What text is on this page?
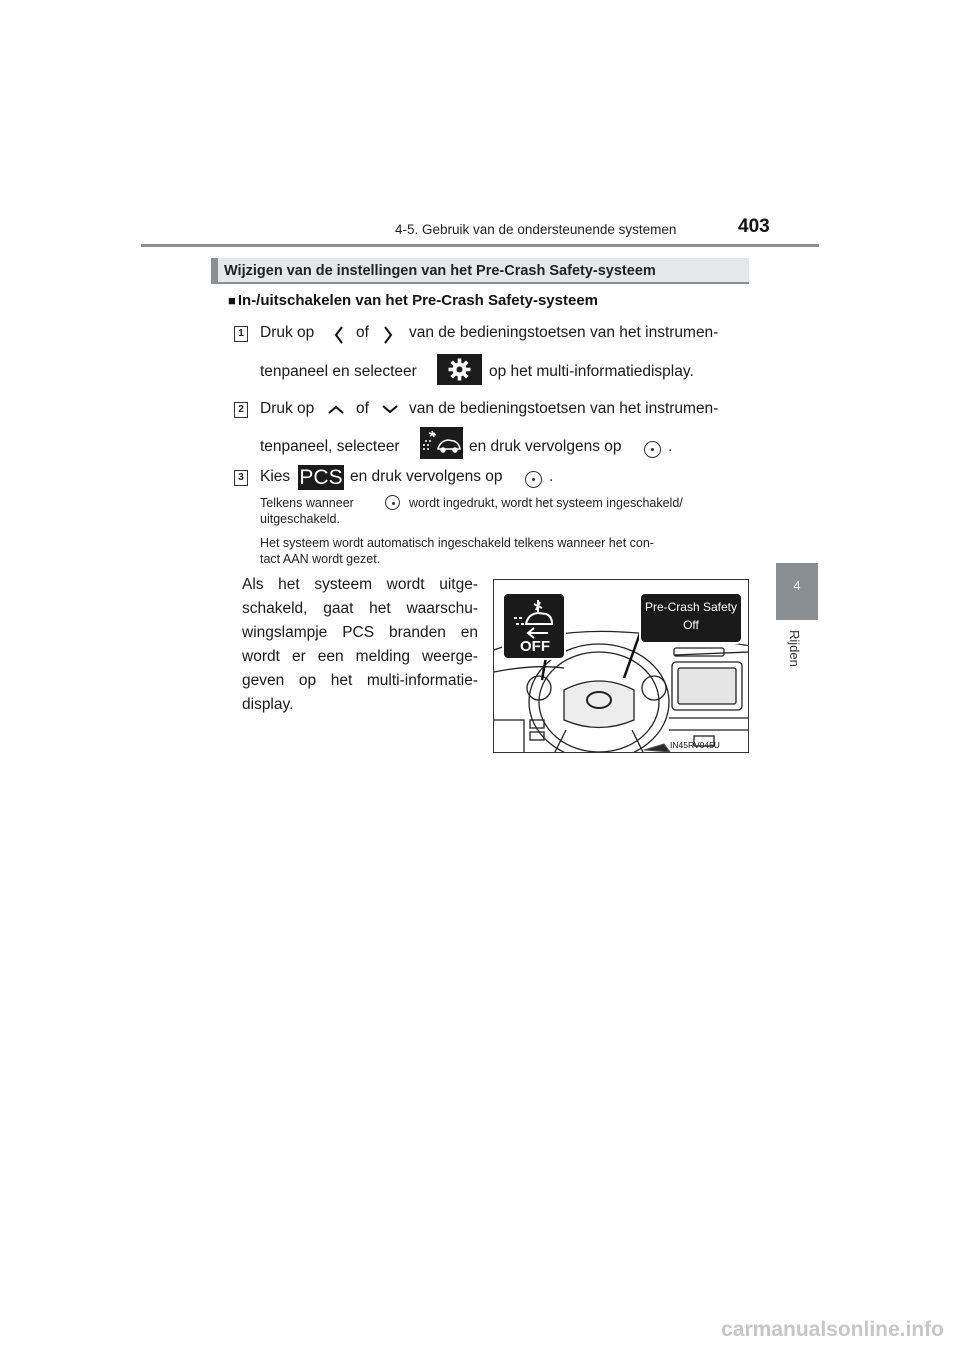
4-5. Gebruik van de ondersteunende systemen	403
4
Rijden
Wijzigen van de instellingen van het Pre-Crash Safety-systeem
■ In-/uitschakelen van het Pre-Crash Safety-systeem
1 Druk op	of	van de bedieningstoetsen van het instrumen-
tenpaneel en selecteer	op het multi-informatiedisplay.
2 Druk op	of	van de bedieningstoetsen van het instrumen-
tenpaneel, selecteer	en druk vervolgens op	.
3 Kies PCS en druk vervolgens op	.
Telkens wanneer	wordt ingedrukt, wordt het systeem ingeschakeld/
uitgeschakeld.
Het systeem wordt automatisch ingeschakeld telkens wanneer het con-
tact AAN wordt gezet.
Als het systeem wordt uitge-schakeld, gaat het waarschu-wingslampje PCS branden en wordt er een melding weerge-geven op het multi-informatie-display.
OFF
Pre-Crash Safety
Off
IN45RV045U
carmanualsonline.info
